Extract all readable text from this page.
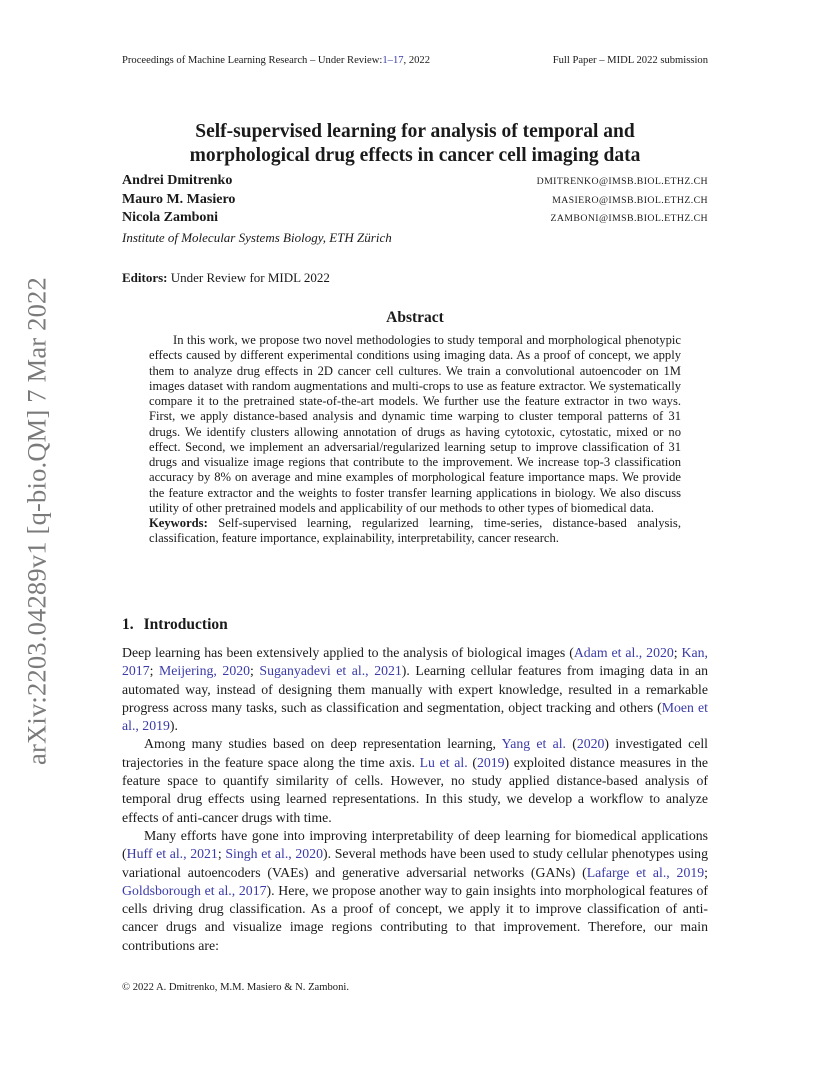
Proceedings of Machine Learning Research – Under Review:1–17, 2022	Full Paper – MIDL 2022 submission
arXiv:2203.04289v1 [q-bio.QM] 7 Mar 2022
Self-supervised learning for analysis of temporal and
morphological drug effects in cancer cell imaging data
Andrei Dmitrenko	DMITRENKO@IMSB.BIOL.ETHZ.CH
Mauro M. Masiero	MASIERO@IMSB.BIOL.ETHZ.CH
Nicola Zamboni	ZAMBONI@IMSB.BIOL.ETHZ.CH
Institute of Molecular Systems Biology, ETH Zürich
Editors: Under Review for MIDL 2022
Abstract

In this work, we propose two novel methodologies to study temporal and morphological phenotypic effects caused by different experimental conditions using imaging data. As a proof of concept, we apply them to analyze drug effects in 2D cancer cell cultures. We train a convolutional autoencoder on 1M images dataset with random augmentations and multi-crops to use as feature extractor. We systematically compare it to the pretrained state-of-the-art models. We further use the feature extractor in two ways. First, we apply distance-based analysis and dynamic time warping to cluster temporal patterns of 31 drugs. We identify clusters allowing annotation of drugs as having cytotoxic, cytostatic, mixed or no effect. Second, we implement an adversarial/regularized learning setup to improve classification of 31 drugs and visualize image regions that contribute to the improvement. We increase top-3 classification accuracy by 8% on average and mine examples of morphological feature importance maps. We provide the feature extractor and the weights to foster transfer learning applications in biology. We also discuss utility of other pretrained models and applicability of our methods to other types of biomedical data.

Keywords: Self-supervised learning, regularized learning, time-series, distance-based analysis, classification, feature importance, explainability, interpretability, cancer research.

1. Introduction

Deep learning has been extensively applied to the analysis of biological images (Adam et al., 2020; Kan, 2017; Meijering, 2020; Suganyadevi et al., 2021). Learning cellular features from imaging data in an automated way, instead of designing them manually with expert knowledge, resulted in a remarkable progress across many tasks, such as classification and segmentation, object tracking and others (Moen et al., 2019).

Among many studies based on deep representation learning, Yang et al. (2020) investigated cell trajectories in the feature space along the time axis. Lu et al. (2019) exploited distance measures in the feature space to quantify similarity of cells. However, no study applied distance-based analysis of temporal drug effects using learned representations. In this study, we develop a workflow to analyze effects of anti-cancer drugs with time.

Many efforts have gone into improving interpretability of deep learning for biomedical applications (Huff et al., 2021; Singh et al., 2020). Several methods have been used to study cellular phenotypes using variational autoencoders (VAEs) and generative adversarial networks (GANs) (Lafarge et al., 2019; Goldsborough et al., 2017). Here, we propose another way to gain insights into morphological features of cells driving drug classification. As a proof of concept, we apply it to improve classification of anti-cancer drugs and visualize image regions contributing to that improvement. Therefore, our main contributions are:

© 2022 A. Dmitrenko, M.M. Masiero & N. Zamboni.
